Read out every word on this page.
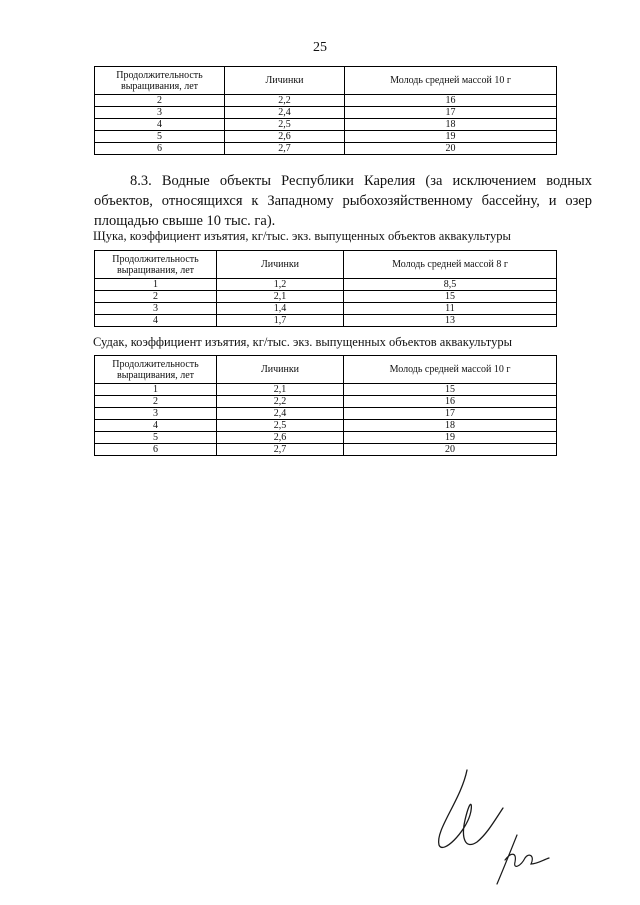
25
Продолжительность выращивания, лет	Личинки	Молодь средней массой 10 г
2	2,2	16
3	2,4	17
4	2,5	18
5	2,6	19
6	2,7	20

8.3. Водные объекты Республики Карелия (за исключением водных объектов, относящихся к Западному рыбохозяйственному бассейну, и озер площадью свыше 10 тыс. га).

Щука, коэффициент изъятия, кг/тыс. экз. выпущенных объектов аквакультуры
Продолжительность выращивания, лет	Личинки	Молодь средней массой 8 г
1	1,2	8,5
2	2,1	15
3	1,4	11
4	1,7	13
Судак, коэффициент изъятия, кг/тыс. экз. выпущенных объектов аквакультуры
Продолжительность выращивания, лет	Личинки	Молодь средней массой 10 г
1	2,1	15
2	2,2	16
3	2,4	17
4	2,5	18
5	2,6	19
6	2,7	20
